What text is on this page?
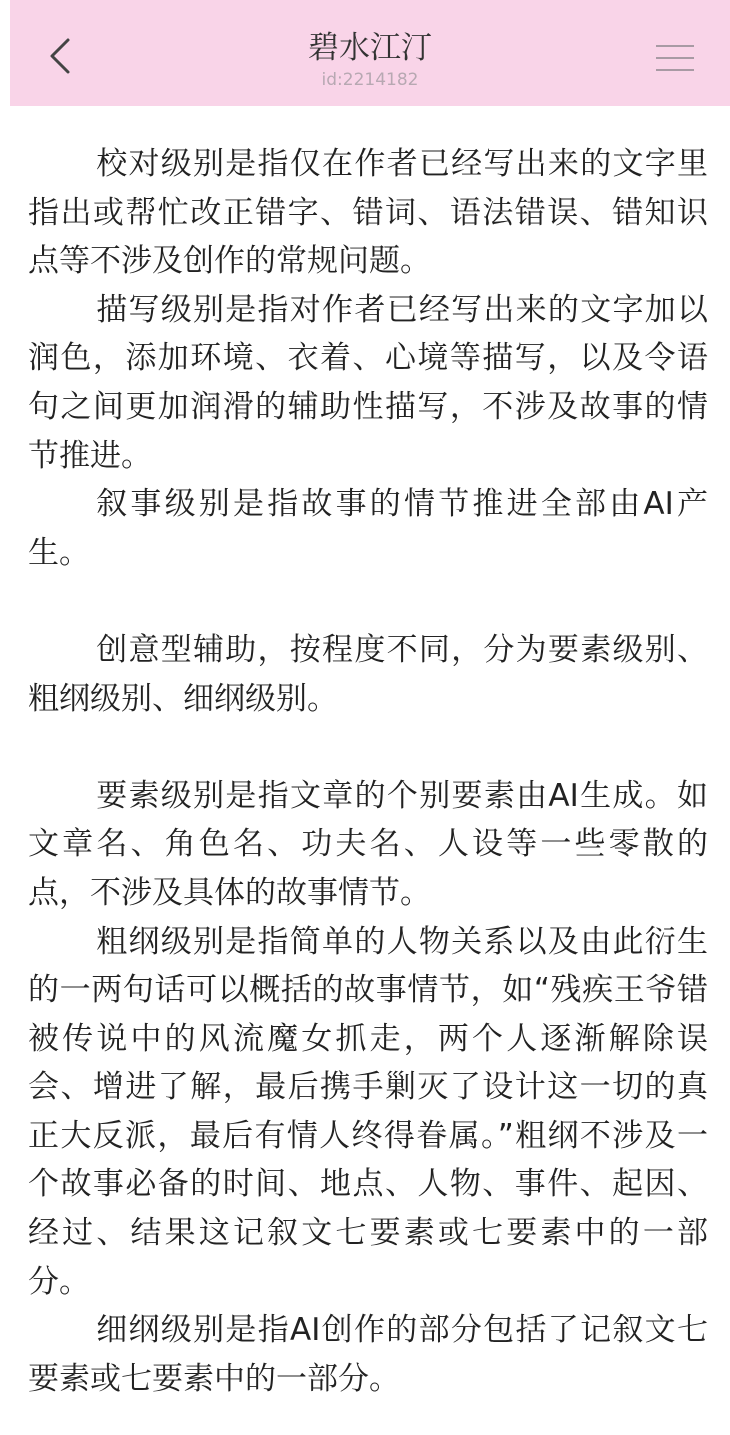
碧水江汀
id:2214182

校对级别是指仅在作者已经写出来的文字里指出或帮忙改正错字、错词、语法错误、错知识点等不涉及创作的常规问题。

描写级别是指对作者已经写出来的文字加以润色，添加环境、衣着、心境等描写，以及令语句之间更加润滑的辅助性描写，不涉及故事的情节推进。

叙事级别是指故事的情节推进全部由AI产生。

创意型辅助，按程度不同，分为要素级别、粗纲级别、细纲级别。

要素级别是指文章的个别要素由AI生成。如文章名、角色名、功夫名、人设等一些零散的点，不涉及具体的故事情节。

粗纲级别是指简单的人物关系以及由此衍生的一两句话可以概括的故事情节，如“残疾王爷错被传说中的风流魔女抓走，两个人逐渐解除误会、增进了解，最后携手剿灭了设计这一切的真正大反派，最后有情人终得眷属。”粗纲不涉及一个故事必备的时间、地点、人物、事件、起因、经过、结果这记叙文七要素或七要素中的一部分。

细纲级别是指AI创作的部分包括了记叙文七要素或七要素中的一部分。
